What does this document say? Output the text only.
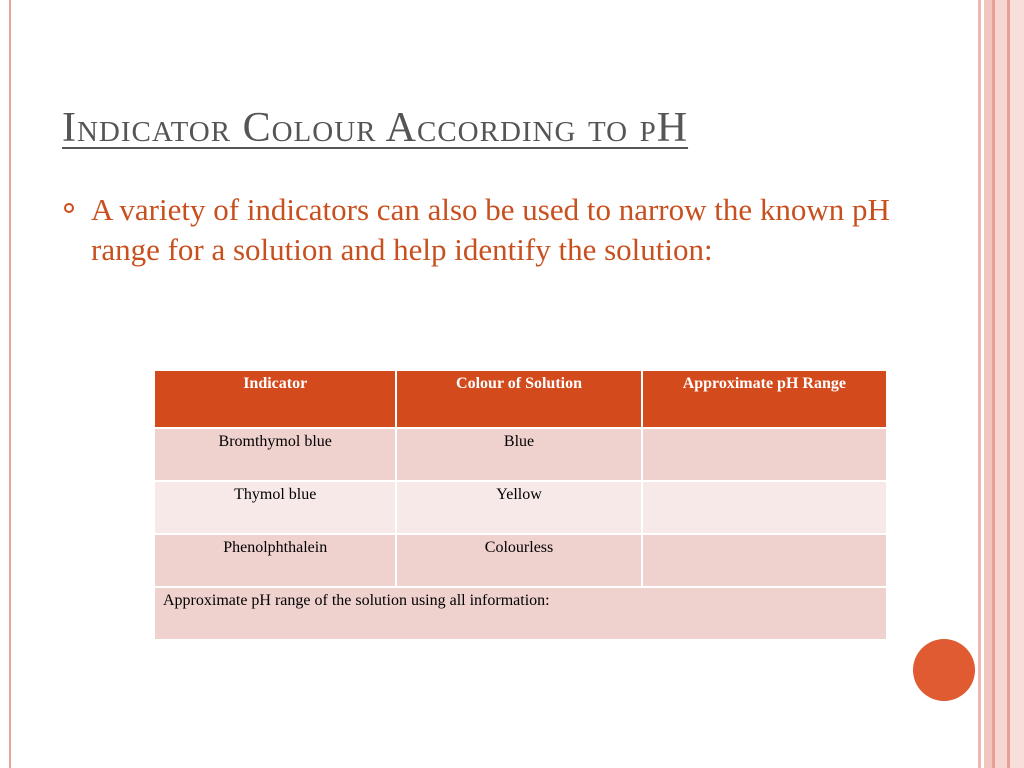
Indicator Colour According to pH

A variety of indicators can also be used to narrow the known pH range for a solution and help identify the solution:

Indicator	Colour of Solution	Approximate pH Range
Bromthymol blue	Blue	
Thymol blue	Yellow	
Phenolphthalein	Colourless	
Approximate pH range of the solution using all information:		
